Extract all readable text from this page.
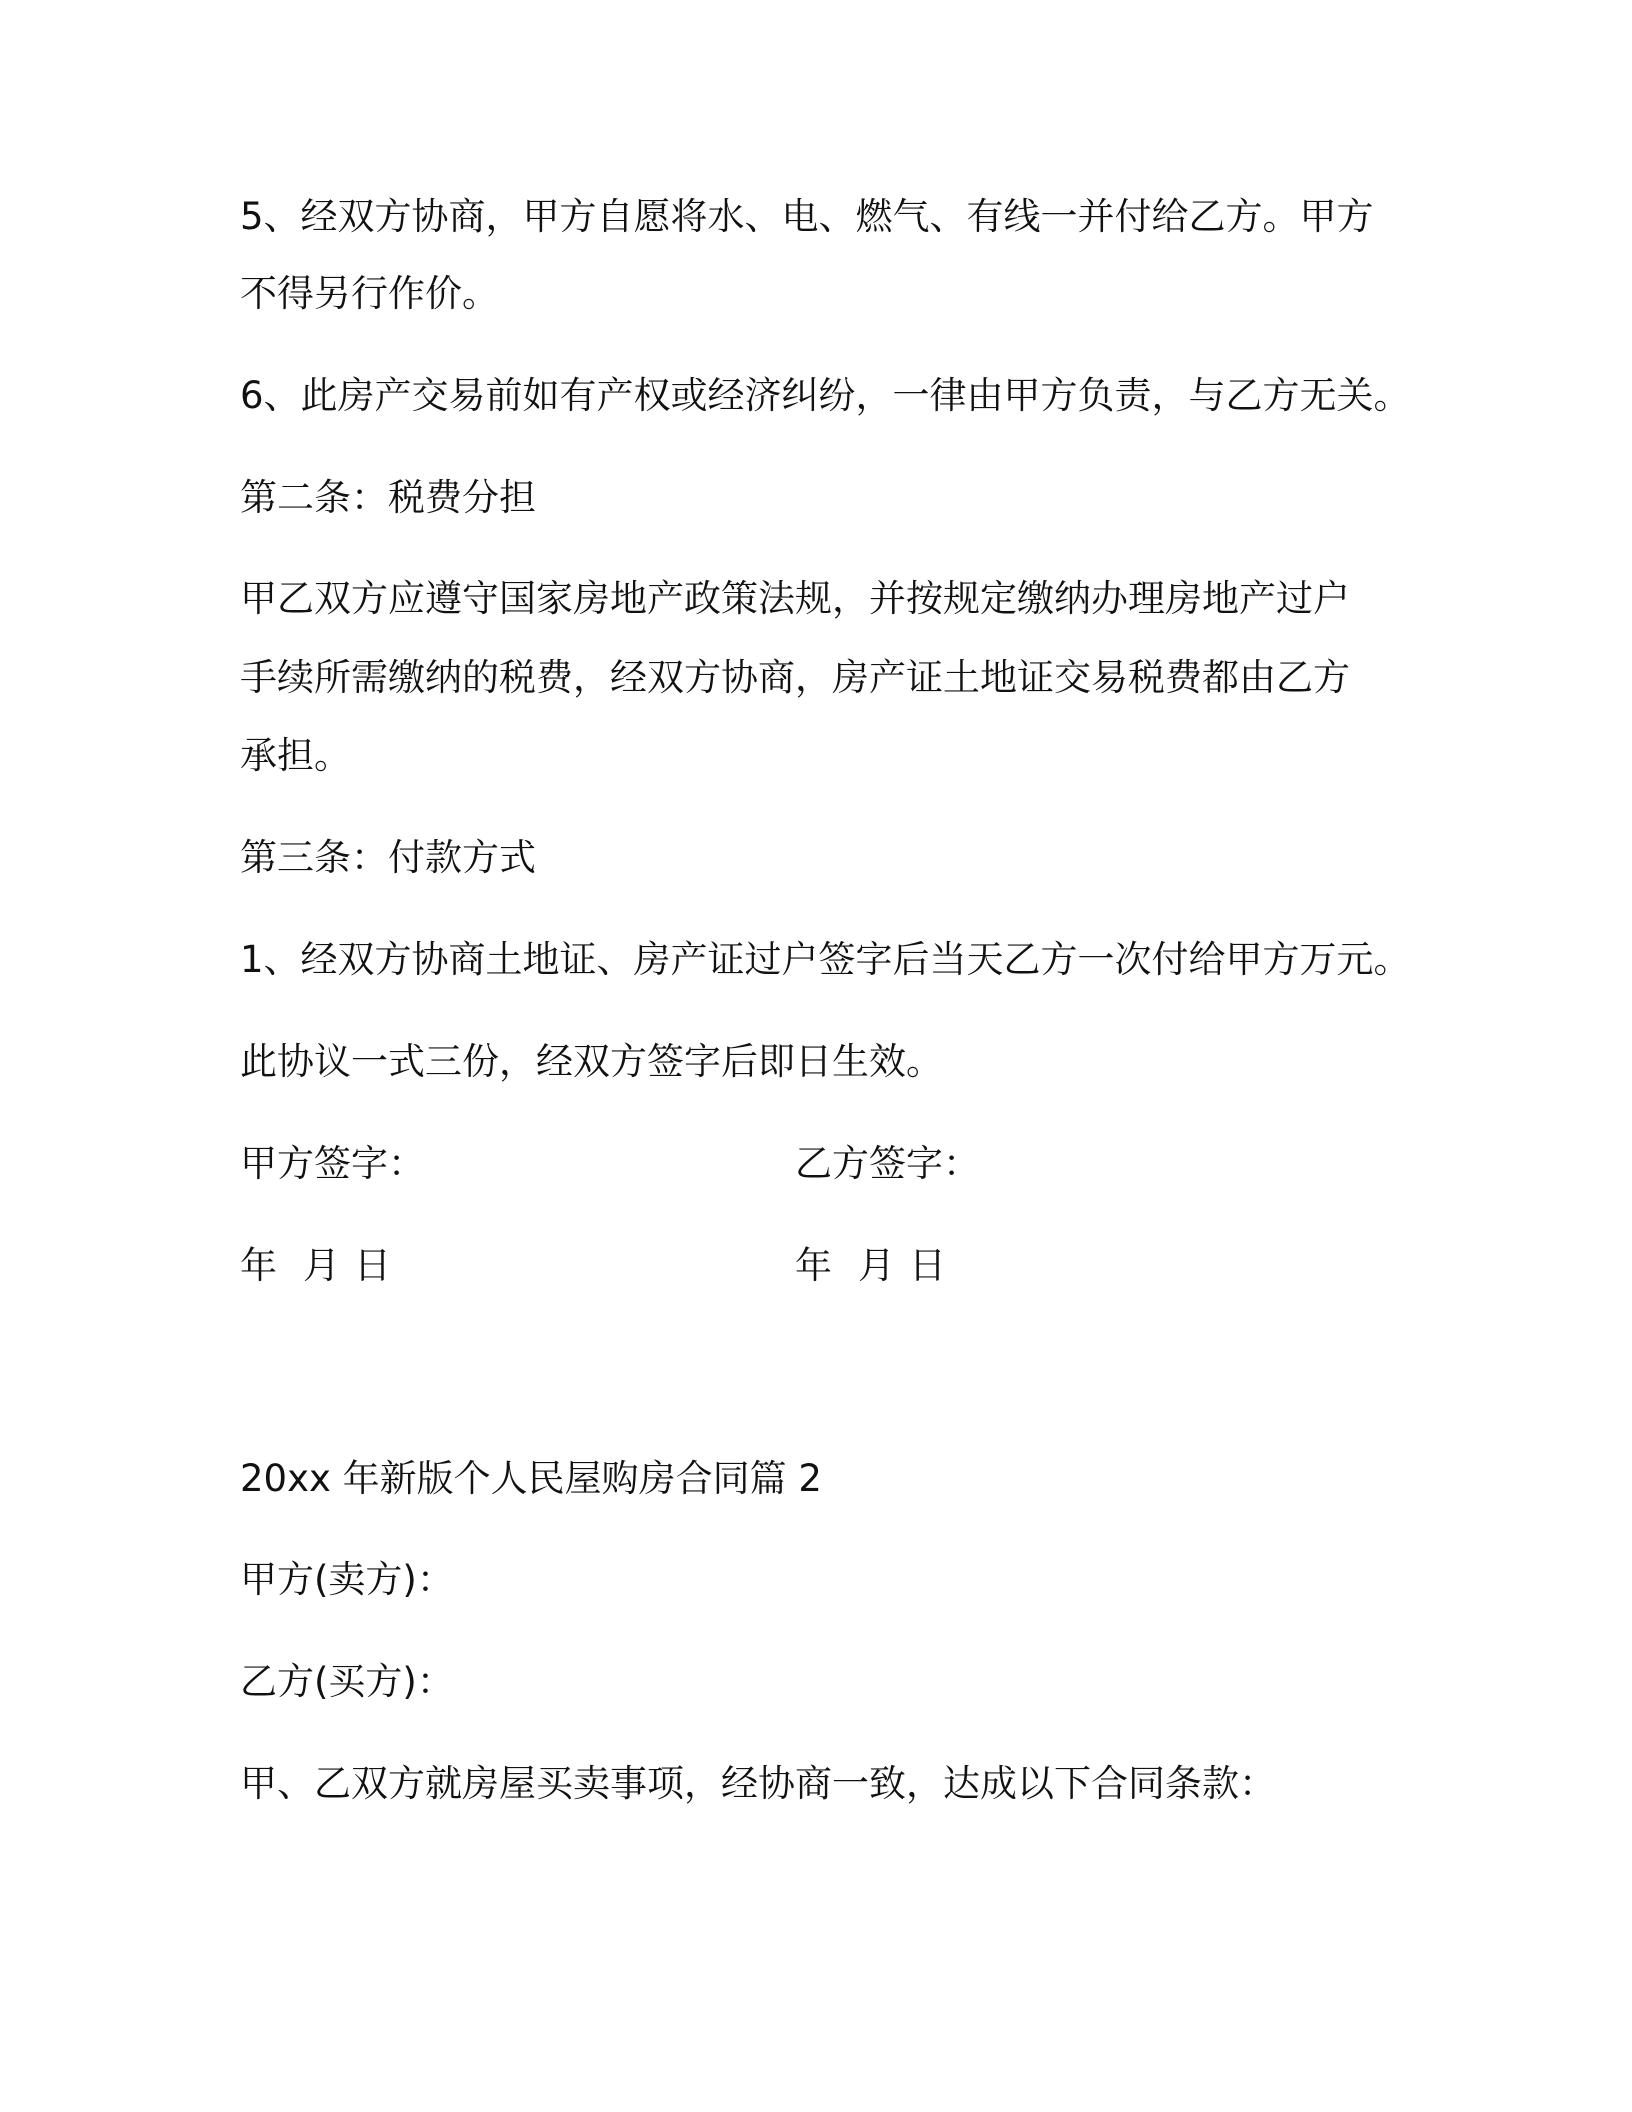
5、经双方协商，甲方自愿将水、电、燃气、有线一并付给乙方。甲方
不得另行作价。
6、此房产交易前如有产权或经济纠纷，一律由甲方负责，与乙方无关。
第二条：税费分担
甲乙双方应遵守国家房地产政策法规，并按规定缴纳办理房地产过户
手续所需缴纳的税费，经双方协商，房产证土地证交易税费都由乙方
承担。
第三条：付款方式
1、经双方协商土地证、房产证过户签字后当天乙方一次付给甲方万元。
此协议一式三份，经双方签字后即日生效。
甲方签字：	乙方签字：
年 月 日	年 月 日
20xx 年新版个人民屋购房合同篇 2
甲方(卖方)：
乙方(买方)：
甲、乙双方就房屋买卖事项，经协商一致，达成以下合同条款：
